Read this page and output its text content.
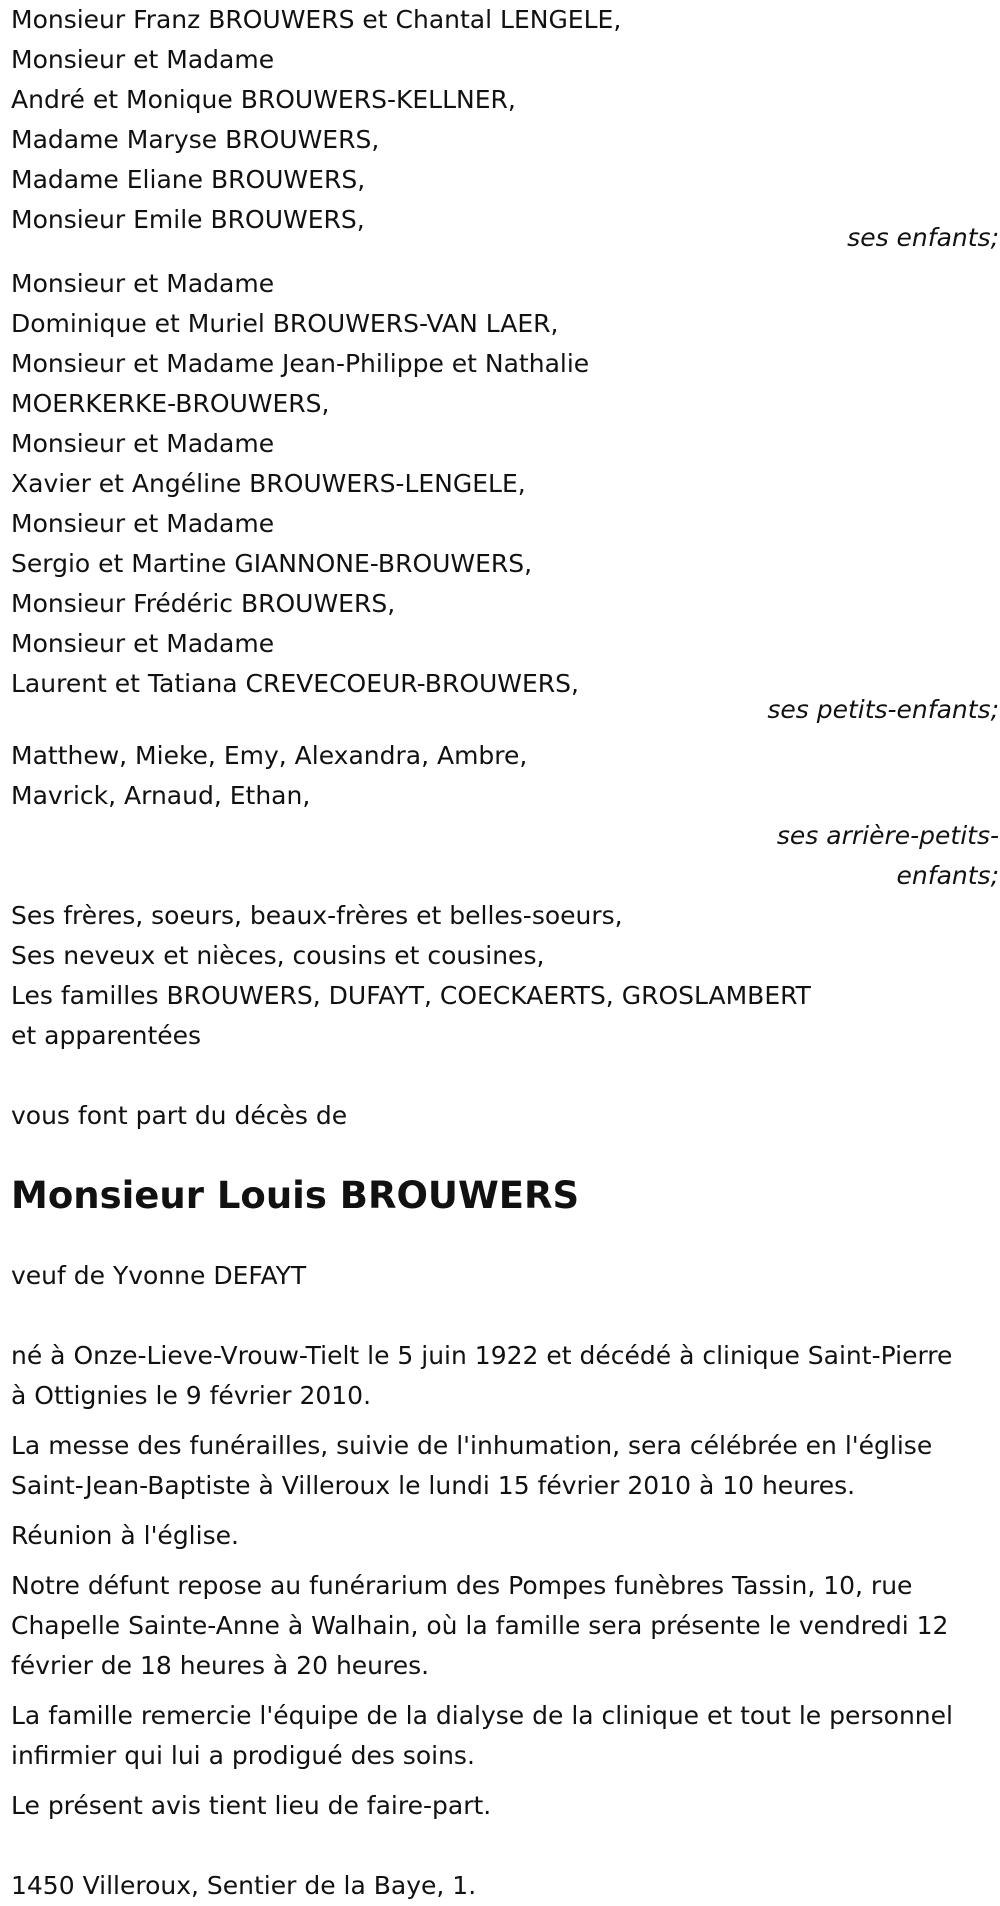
Monsieur Franz BROUWERS et Chantal LENGELE,
Monsieur et Madame
André et Monique BROUWERS-KELLNER,
Madame Maryse BROUWERS,
Madame Eliane BROUWERS,
Monsieur Emile BROUWERS,
ses enfants;
Monsieur et Madame
Dominique et Muriel BROUWERS-VAN LAER,
Monsieur et Madame Jean-Philippe et Nathalie
MOERKERKE-BROUWERS,
Monsieur et Madame
Xavier et Angéline BROUWERS-LENGELE,
Monsieur et Madame
Sergio et Martine GIANNONE-BROUWERS,
Monsieur Frédéric BROUWERS,
Monsieur et Madame
Laurent et Tatiana CREVECOEUR-BROUWERS,
ses petits-enfants;
Matthew, Mieke, Emy, Alexandra, Ambre,
Mavrick, Arnaud, Ethan,
ses arrière-petits-
enfants;
Ses frères, soeurs, beaux-frères et belles-soeurs,
Ses neveux et nièces, cousins et cousines,
Les familles BROUWERS, DUFAYT, COECKAERTS, GROSLAMBERT
et apparentées
vous font part du décès de
Monsieur Louis BROUWERS
veuf de Yvonne DEFAYT
né à Onze-Lieve-Vrouw-Tielt le 5 juin 1922 et décédé à clinique Saint-Pierre à Ottignies le 9 février 2010.
La messe des funérailles, suivie de l'inhumation, sera célébrée en l'église Saint-Jean-Baptiste à Villeroux le lundi 15 février 2010 à 10 heures.
Réunion à l'église.
Notre défunt repose au funérarium des Pompes funèbres Tassin, 10, rue Chapelle Sainte-Anne à Walhain, où la famille sera présente le vendredi 12 février de 18 heures à 20 heures.
La famille remercie l'équipe de la dialyse de la clinique et tout le personnel infirmier qui lui a prodigué des soins.
Le présent avis tient lieu de faire-part.
1450 Villeroux, Sentier de la Baye, 1.
